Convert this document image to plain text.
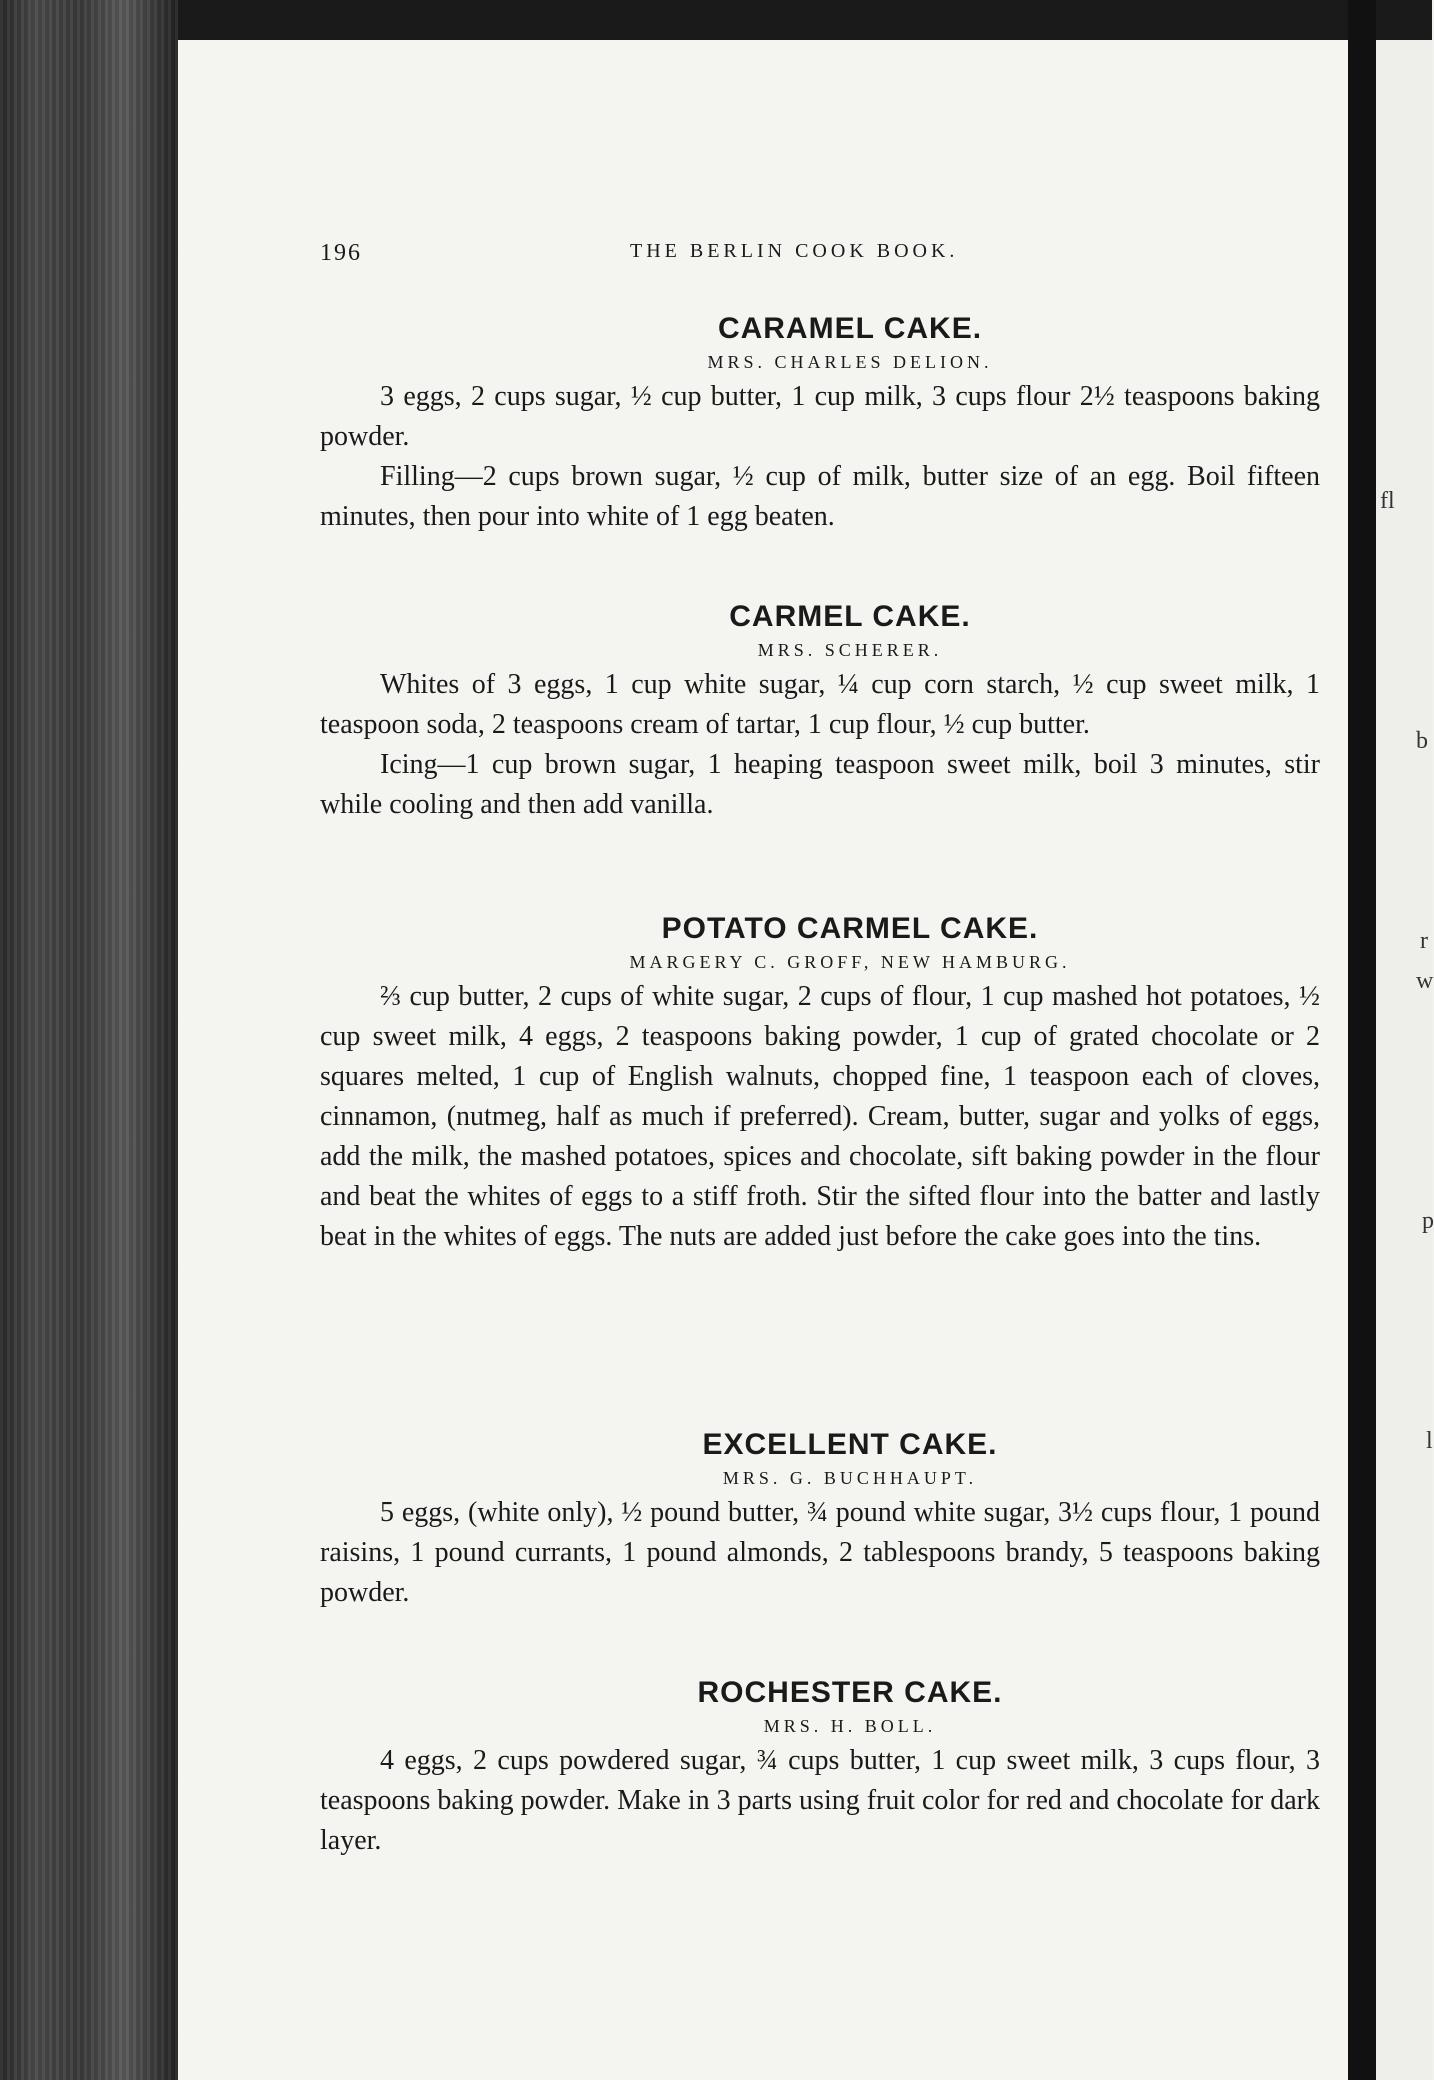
fl
b
r
w
p
l
196	THE BERLIN COOK BOOK.
CARAMEL CAKE.
MRS. CHARLES DELION.

3 eggs, 2 cups sugar, ½ cup butter, 1 cup milk, 3 cups flour 2½ teaspoons baking powder.

Filling—2 cups brown sugar, ½ cup of milk, butter size of an egg. Boil fifteen minutes, then pour into white of 1 egg beaten.

CARMEL CAKE.
MRS. SCHERER.

Whites of 3 eggs, 1 cup white sugar, ¼ cup corn starch, ½ cup sweet milk, 1 teaspoon soda, 2 teaspoons cream of tartar, 1 cup flour, ½ cup butter.

Icing—1 cup brown sugar, 1 heaping teaspoon sweet milk, boil 3 minutes, stir while cooling and then add vanilla.

POTATO CARMEL CAKE.
MARGERY C. GROFF, NEW HAMBURG.

⅔ cup butter, 2 cups of white sugar, 2 cups of flour, 1 cup mashed hot potatoes, ½ cup sweet milk, 4 eggs, 2 teaspoons baking powder, 1 cup of grated chocolate or 2 squares melted, 1 cup of English walnuts, chopped fine, 1 teaspoon each of cloves, cinnamon, (nutmeg, half as much if preferred). Cream, butter, sugar and yolks of eggs, add the milk, the mashed potatoes, spices and chocolate, sift baking powder in the flour and beat the whites of eggs to a stiff froth. Stir the sifted flour into the batter and lastly beat in the whites of eggs. The nuts are added just before the cake goes into the tins.

EXCELLENT CAKE.
MRS. G. BUCHHAUPT.

5 eggs, (white only), ½ pound butter, ¾ pound white sugar, 3½ cups flour, 1 pound raisins, 1 pound currants, 1 pound almonds, 2 tablespoons brandy, 5 teaspoons baking powder.

ROCHESTER CAKE.
MRS. H. BOLL.

4 eggs, 2 cups powdered sugar, ¾ cups butter, 1 cup sweet milk, 3 cups flour, 3 teaspoons baking powder. Make in 3 parts using fruit color for red and chocolate for dark layer.
